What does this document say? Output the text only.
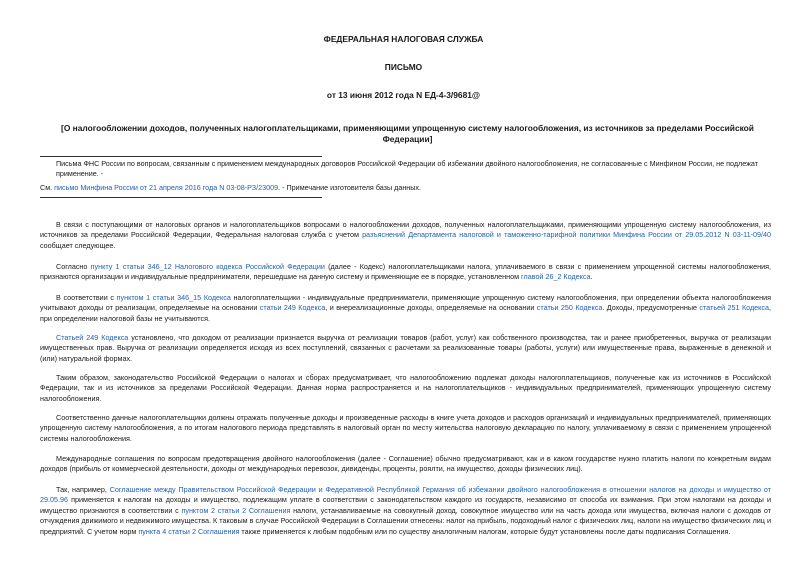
ФЕДЕРАЛЬНАЯ НАЛОГОВАЯ СЛУЖБА
ПИСЬМО
от 13 июня 2012 года N ЕД-4-3/9681@
[О налогообложении доходов, полученных налогоплательщиками, применяющими упрощенную систему налогообложения, из источников за пределами Российской Федерации]
Письма ФНС России по вопросам, связанным с применением международных договоров Российской Федерации об избежании двойного налогообложения, не согласованные с Минфином России, не подлежат применение. -
См. письмо Минфина России от 21 апреля 2016 года N 03-08-РЗ/23009. - Примечание изготовителя базы данных.
В связи с поступающими от налоговых органов и налогоплательщиков вопросами о налогообложении доходов, полученных налогоплательщиками, применяющими упрощенную систему налогообложения, из источников за пределами Российской Федерации, Федеральная налоговая служба с учетом разъяснений Департамента налоговой и таможенно-тарифной политики Минфина России от 29.05.2012 N 03-11-09/40 сообщает следующее.
Согласно пункту 1 статьи 346_12 Налогового кодекса Российской Федерации (далее - Кодекс) налогоплательщиками налога, уплачиваемого в связи с применением упрощенной системы налогообложения, признаются организации и индивидуальные предприниматели, перешедшие на данную систему и применяющие ее в порядке, установленном главой 26_2 Кодекса.
В соответствии с пунктом 1 статьи 346_15 Кодекса налогоплательщики - индивидуальные предприниматели, применяющие упрощенную систему налогообложения, при определении объекта налогообложения учитывают доходы от реализации, определяемые на основании статьи 249 Кодекса, и внереализационные доходы, определяемые на основании статьи 250 Кодекса. Доходы, предусмотренные статьей 251 Кодекса, при определении налоговой базы не учитываются.
Статьей 249 Кодекса установлено, что доходом от реализации признается выручка от реализации товаров (работ, услуг) как собственного производства, так и ранее приобретенных, выручка от реализации имущественных прав. Выручка от реализации определяется исходя из всех поступлений, связанных с расчетами за реализованные товары (работы, услуги) или имущественные права, выраженные в денежной и (или) натуральной формах.
Таким образом, законодательство Российской Федерации о налогах и сборах предусматривает, что налогообложению подлежат доходы налогоплательщиков, полученные как из источников в Российской Федерации, так и из источников за пределами Российской Федерации. Данная норма распространяется и на налогоплательщиков - индивидуальных предпринимателей, применяющих упрощенную систему налогообложения.
Соответственно данные налогоплательщики должны отражать полученные доходы и произведенные расходы в книге учета доходов и расходов организаций и индивидуальных предпринимателей, применяющих упрощенную систему налогообложения, а по итогам налогового периода представлять в налоговый орган по месту жительства налоговую декларацию по налогу, уплачиваемому в связи с применением упрощенной системы налогообложения.
Международные соглашения по вопросам предотвращения двойного налогообложения (далее - Соглашение) обычно предусматривают, как и в каком государстве нужно платить налоги по конкретным видам доходов (прибыль от коммерческой деятельности, доходы от международных перевозок, дивиденды, проценты, роялти, на имущество, доходы физических лиц).
Так, например, Соглашение между Правительством Российской Федерации и Федеративной Республикой Германия об избежании двойного налогообложения в отношении налогов на доходы и имущество от 29.05.96 применяется к налогам на доходы и имущество, подлежащим уплате в соответствии с законодательством каждого из государств, независимо от способа их взимания. При этом налогами на доходы и имущество признаются в соответствии с пунктом 2 статьи 2 Соглашения налоги, устанавливаемые на совокупный доход, совокупное имущество или на часть дохода или имущества, включая налоги с доходов от отчуждения движимого и недвижимого имущества. К таковым в случае Российской Федерации в Соглашении отнесены: налог на прибыль, подоходный налог с физических лиц, налоги на имущество физических лиц и предприятий. С учетом норм пункта 4 статьи 2 Соглашения также применяется к любым подобным или по существу аналогичным налогам, которые будут установлены после даты подписания Соглашения.
